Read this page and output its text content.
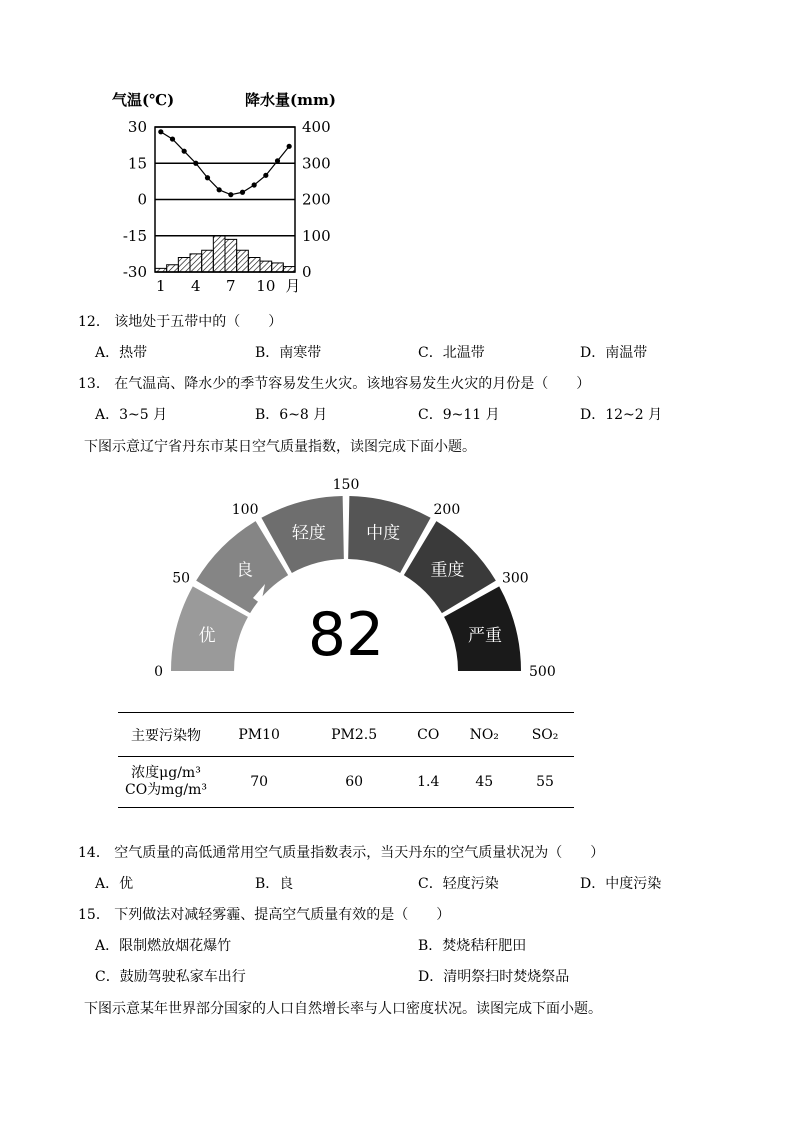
气温(℃)	降水量(mm)
30
15
0
-15
-30
400
300
200
100
0
1 4 7 10 月
12． 该地处于五带中的（　　）
A．热带	B．南寒带	C．北温带	D．南温带
13． 在气温高、降水少的季节容易发生火灾。该地容易发生火灾的月份是（　　）
A．3~5 月	B．6~8 月	C．9~11 月	D．12~2 月
下图示意辽宁省丹东市某日空气质量指数，读图完成下面小题。
优
良
轻度 中度
重度
严重
0
50
100
150
200
300
500
82
主要污染物	PM10	PM2.5	CO	NO₂	SO₂

浓度μg/m³
CO为mg/m³	70	60	1.4	45	55
14． 空气质量的高低通常用空气质量指数表示，当天丹东的空气质量状况为（　　）
A．优	B．良	C．轻度污染	D．中度污染
15． 下列做法对减轻雾霾、提高空气质量有效的是（　　）
A．限制燃放烟花爆竹	B．焚烧秸秆肥田
C．鼓励驾驶私家车出行	D．清明祭扫时焚烧祭品
下图示意某年世界部分国家的人口自然增长率与人口密度状况。读图完成下面小题。
